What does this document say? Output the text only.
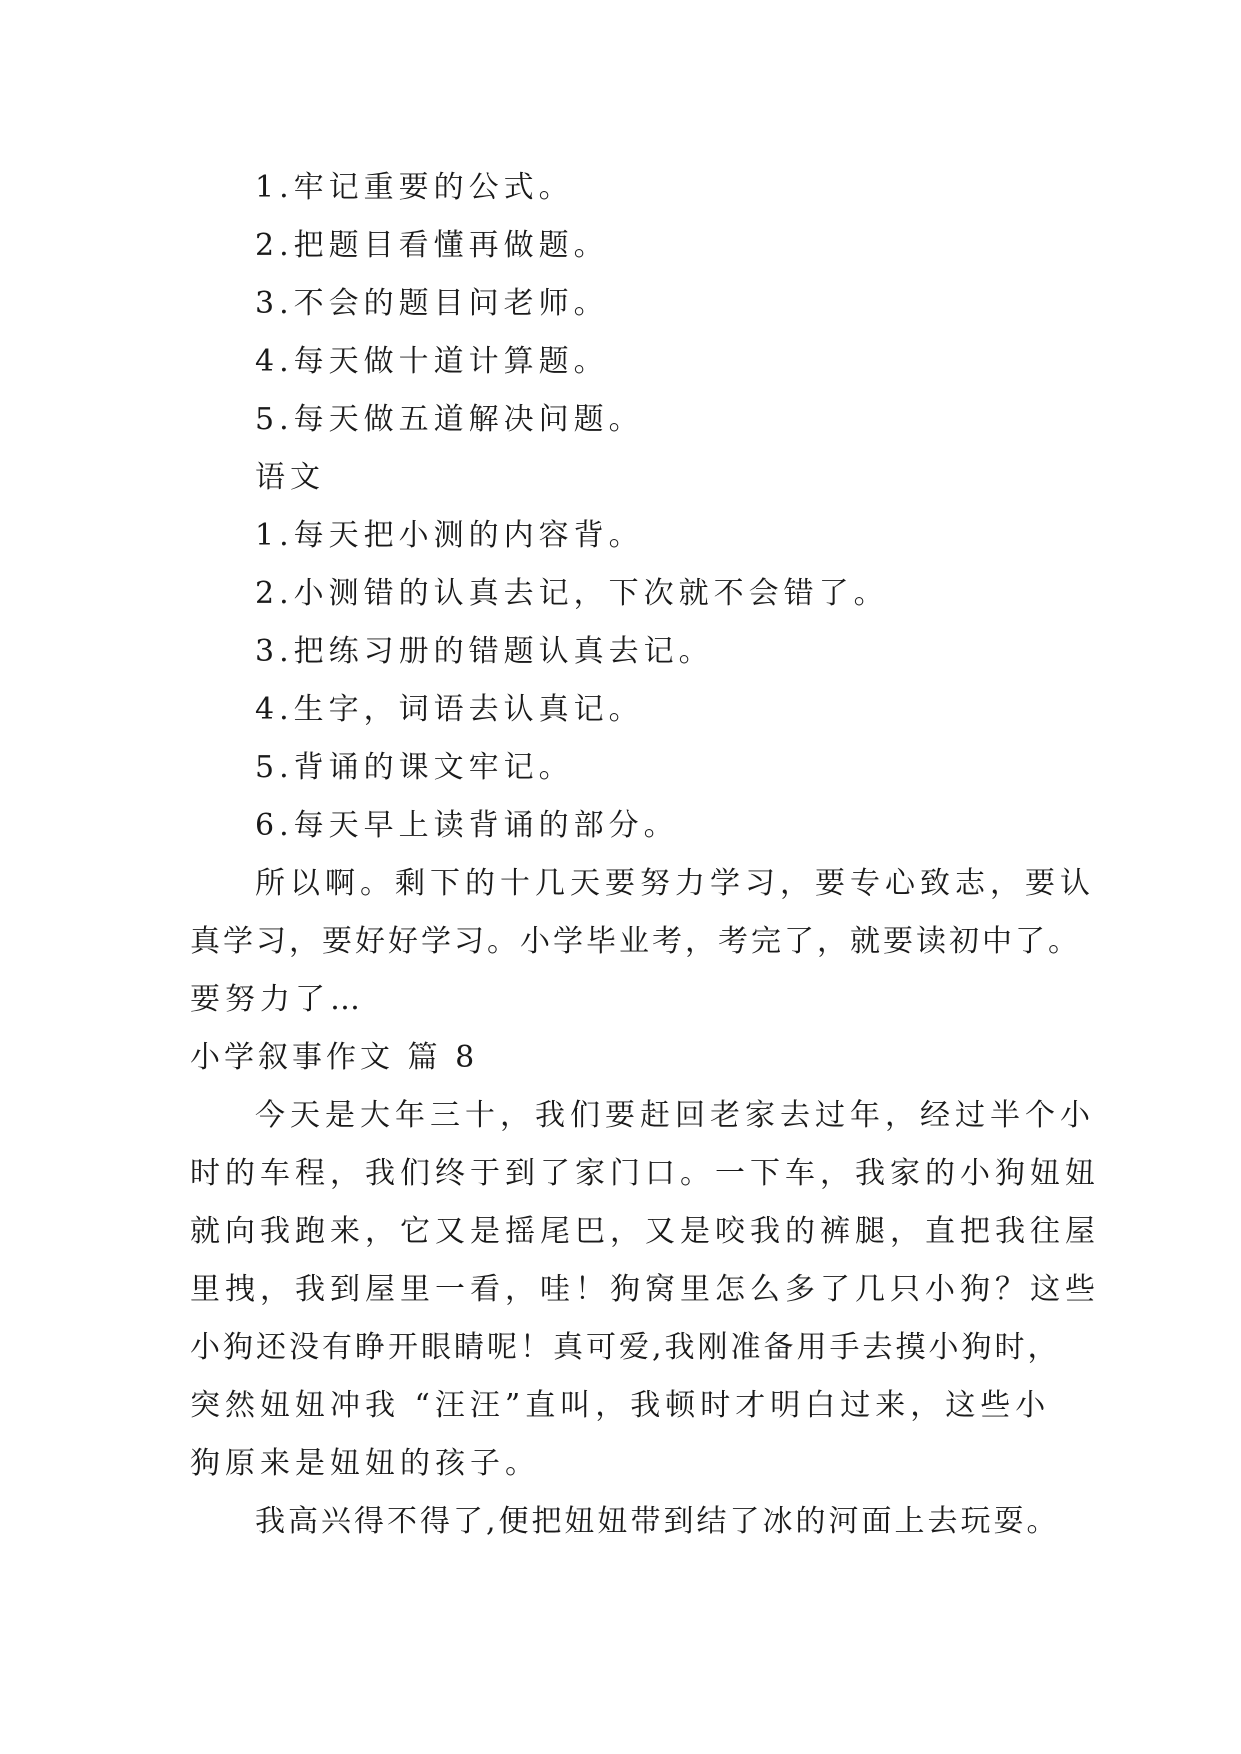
1.牢记重要的公式。
2.把题目看懂再做题。
3.不会的题目问老师。
4.每天做十道计算题。
5.每天做五道解决问题。
语文
1.每天把小测的内容背。
2.小测错的认真去记，下次就不会错了。
3.把练习册的错题认真去记。
4.生字，词语去认真记。
5.背诵的课文牢记。
6.每天早上读背诵的部分。
所以啊。剩下的十几天要努力学习，要专心致志，要认
真学习，要好好学习。小学毕业考，考完了，就要读初中了。
要努力了…
小学叙事作文 篇 8
今天是大年三十，我们要赶回老家去过年，经过半个小
时的车程，我们终于到了家门口。一下车，我家的小狗妞妞
就向我跑来，它又是摇尾巴，又是咬我的裤腿，直把我往屋
里拽，我到屋里一看，哇！狗窝里怎么多了几只小狗？这些
小狗还没有睁开眼睛呢！真可爱,我刚准备用手去摸小狗时，
突然妞妞冲我 “汪汪”直叫，我顿时才明白过来，这些小
狗原来是妞妞的孩子。
我高兴得不得了,便把妞妞带到结了冰的河面上去玩耍。
